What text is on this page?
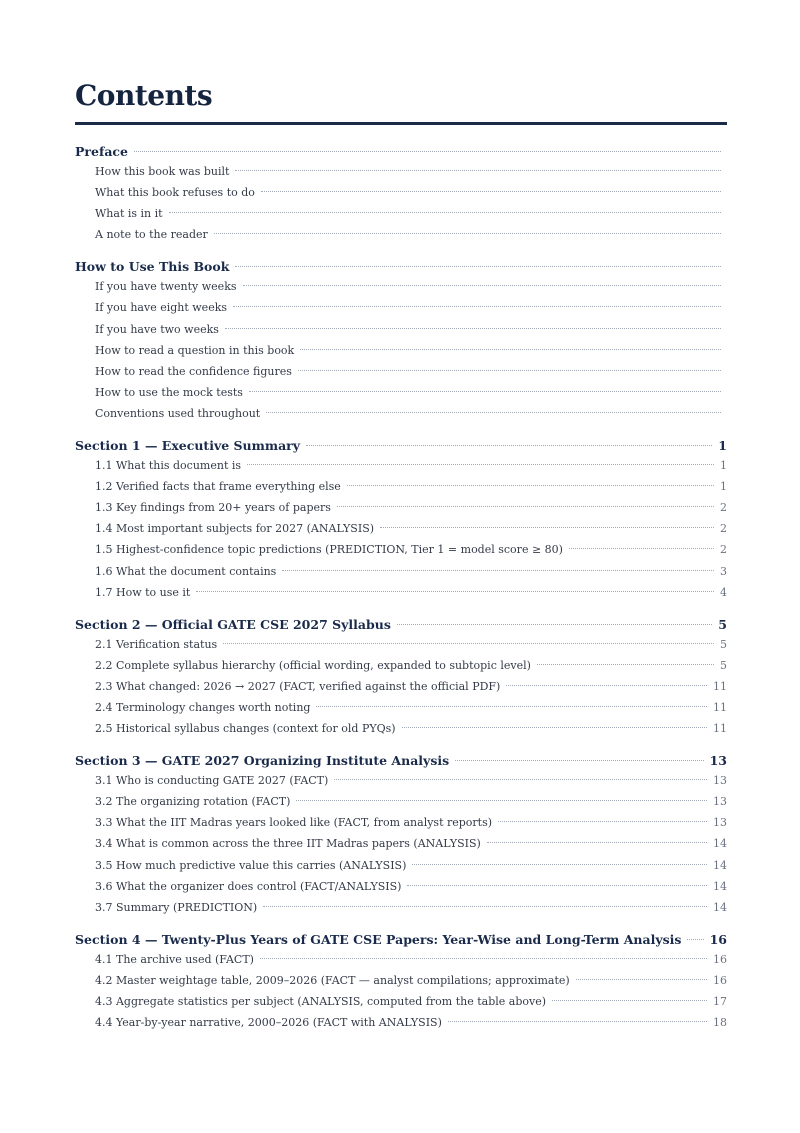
Contents
Preface
How this book was built
What this book refuses to do
What is in it
A note to the reader
How to Use This Book
If you have twenty weeks
If you have eight weeks
If you have two weeks
How to read a question in this book
How to read the confidence figures
How to use the mock tests
Conventions used throughout
Section 1 — Executive Summary	1
1.1 What this document is	1
1.2 Verified facts that frame everything else	1
1.3 Key findings from 20+ years of papers	2
1.4 Most important subjects for 2027 (ANALYSIS)	2
1.5 Highest-confidence topic predictions (PREDICTION, Tier 1 = model score ≥ 80)	2
1.6 What the document contains	3
1.7 How to use it	4
Section 2 — Official GATE CSE 2027 Syllabus	5
2.1 Verification status	5
2.2 Complete syllabus hierarchy (official wording, expanded to subtopic level)	5
2.3 What changed: 2026 → 2027 (FACT, verified against the official PDF)	11
2.4 Terminology changes worth noting	11
2.5 Historical syllabus changes (context for old PYQs)	11
Section 3 — GATE 2027 Organizing Institute Analysis	13
3.1 Who is conducting GATE 2027 (FACT)	13
3.2 The organizing rotation (FACT)	13
3.3 What the IIT Madras years looked like (FACT, from analyst reports)	13
3.4 What is common across the three IIT Madras papers (ANALYSIS)	14
3.5 How much predictive value this carries (ANALYSIS)	14
3.6 What the organizer does control (FACT/ANALYSIS)	14
3.7 Summary (PREDICTION)	14
Section 4 — Twenty-Plus Years of GATE CSE Papers: Year-Wise and Long-Term Analysis 16
4.1 The archive used (FACT)	16
4.2 Master weightage table, 2009–2026 (FACT — analyst compilations; approximate)	16
4.3 Aggregate statistics per subject (ANALYSIS, computed from the table above)	17
4.4 Year-by-year narrative, 2000–2026 (FACT with ANALYSIS)	18
